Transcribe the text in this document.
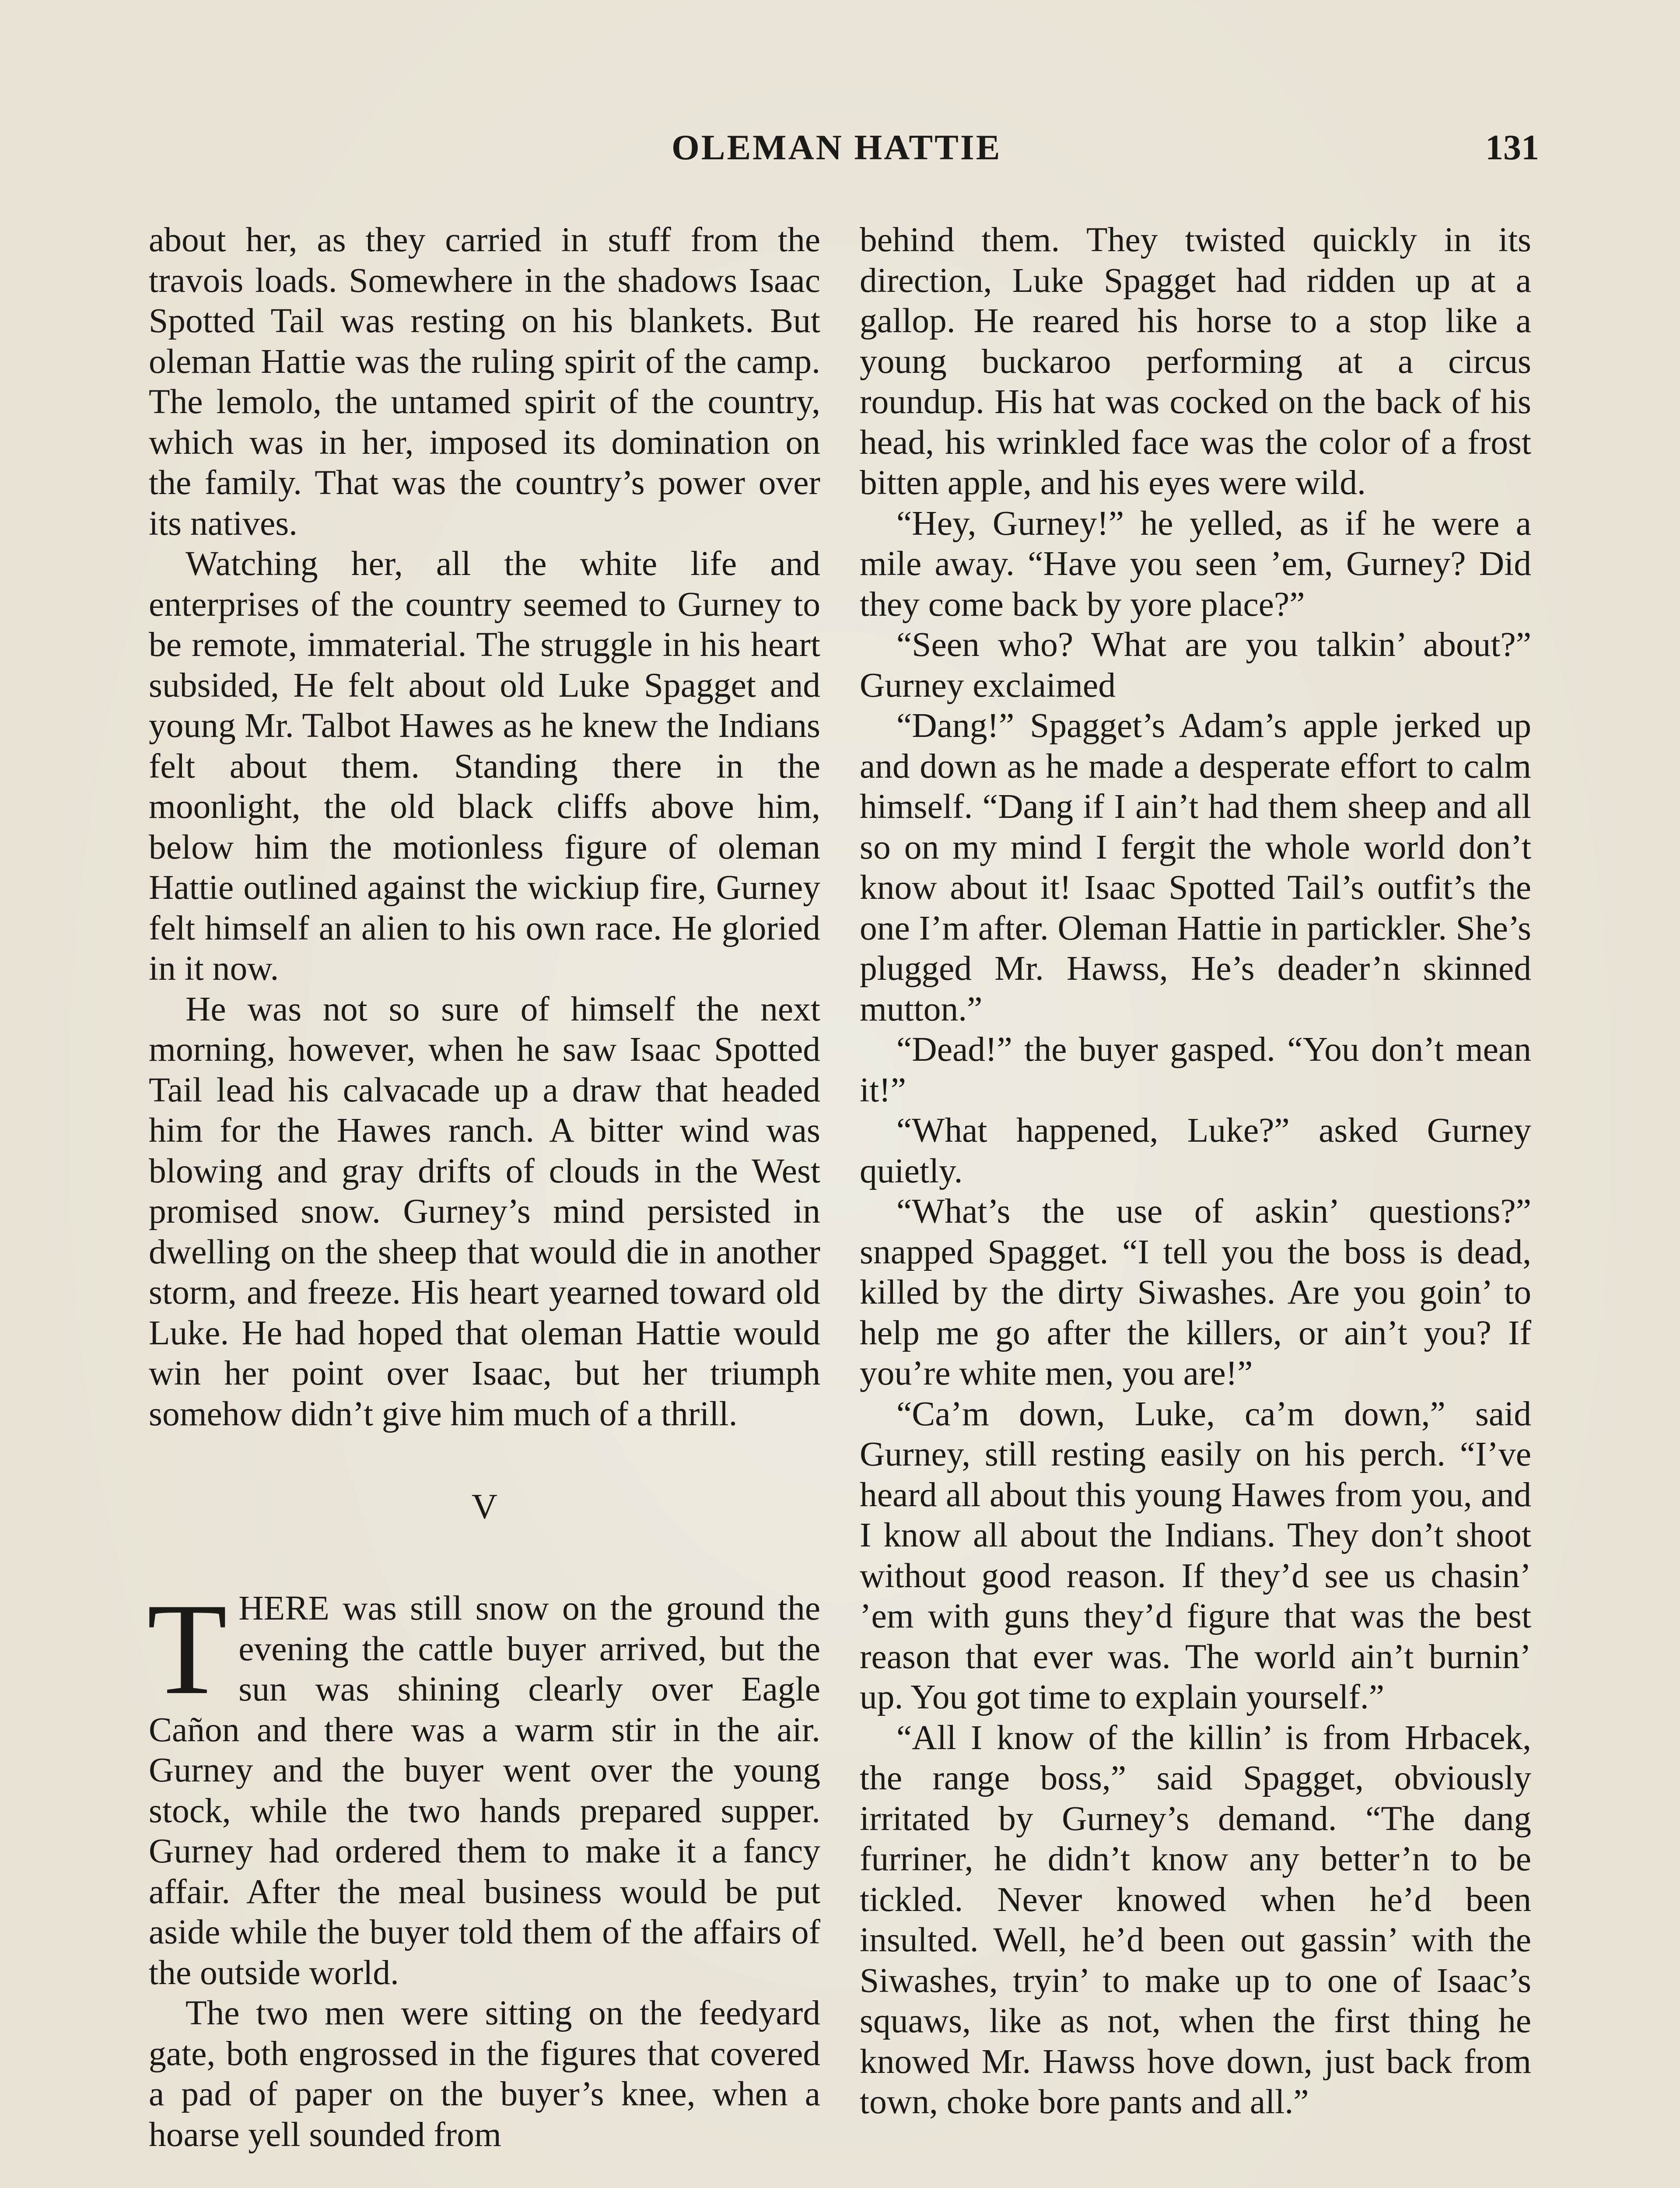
OLEMAN HATTIE	131

about her, as they carried in stuff from the travois loads. Somewhere in the shadows Isaac Spotted Tail was resting on his blankets. But oleman Hattie was the ruling spirit of the camp. The lemolo, the untamed spirit of the country, which was in her, imposed its domination on the family. That was the country’s power over its natives.

Watching her, all the white life and enterprises of the country seemed to Gurney to be remote, immaterial. The struggle in his heart subsided, He felt about old Luke Spagget and young Mr. Talbot Hawes as he knew the Indians felt about them. Standing there in the moonlight, the old black cliffs above him, below him the motionless figure of oleman Hattie outlined against the wickiup fire, Gurney felt himself an alien to his own race. He gloried in it now.

He was not so sure of himself the next morning, however, when he saw Isaac Spotted Tail lead his calvacade up a draw that headed him for the Hawes ranch. A bitter wind was blowing and gray drifts of clouds in the West promised snow. Gurney’s mind persisted in dwelling on the sheep that would die in another storm, and freeze. His heart yearned toward old Luke. He had hoped that oleman Hattie would win her point over Isaac, but her triumph somehow didn’t give him much of a thrill.

V

THERE was still snow on the ground the evening the cattle buyer arrived, but the sun was shining clearly over Eagle Cañon and there was a warm stir in the air. Gurney and the buyer went over the young stock, while the two hands prepared supper. Gurney had ordered them to make it a fancy affair. After the meal business would be put aside while the buyer told them of the affairs of the outside world.

The two men were sitting on the feedyard gate, both engrossed in the figures that covered a pad of paper on the buyer’s knee, when a hoarse yell sounded from

behind them. They twisted quickly in its direction, Luke Spagget had ridden up at a gallop. He reared his horse to a stop like a young buckaroo performing at a circus roundup. His hat was cocked on the back of his head, his wrinkled face was the color of a frost bitten apple, and his eyes were wild.

“Hey, Gurney!” he yelled, as if he were a mile away. “Have you seen ’em, Gurney? Did they come back by yore place?”

“Seen who? What are you talkin’ about?” Gurney exclaimed

“Dang!” Spagget’s Adam’s apple jerked up and down as he made a desperate effort to calm himself. “Dang if I ain’t had them sheep and all so on my mind I fergit the whole world don’t know about it! Isaac Spotted Tail’s outfit’s the one I’m after. Oleman Hattie in partickler. She’s plugged Mr. Hawss, He’s deader’n skinned mutton.”

“Dead!” the buyer gasped. “You don’t mean it!”

“What happened, Luke?” asked Gurney quietly.

“What’s the use of askin’ questions?” snapped Spagget. “I tell you the boss is dead, killed by the dirty Siwashes. Are you goin’ to help me go after the killers, or ain’t you? If you’re white men, you are!”

“Ca’m down, Luke, ca’m down,” said Gurney, still resting easily on his perch. “I’ve heard all about this young Hawes from you, and I know all about the Indians. They don’t shoot without good reason. If they’d see us chasin’ ’em with guns they’d figure that was the best reason that ever was. The world ain’t burnin’ up. You got time to explain yourself.”

“All I know of the killin’ is from Hrbacek, the range boss,” said Spagget, obviously irritated by Gurney’s demand. “The dang furriner, he didn’t know any better’n to be tickled. Never knowed when he’d been insulted. Well, he’d been out gassin’ with the Siwashes, tryin’ to make up to one of Isaac’s squaws, like as not, when the first thing he knowed Mr. Hawss hove down, just back from town, choke bore pants and all.”
